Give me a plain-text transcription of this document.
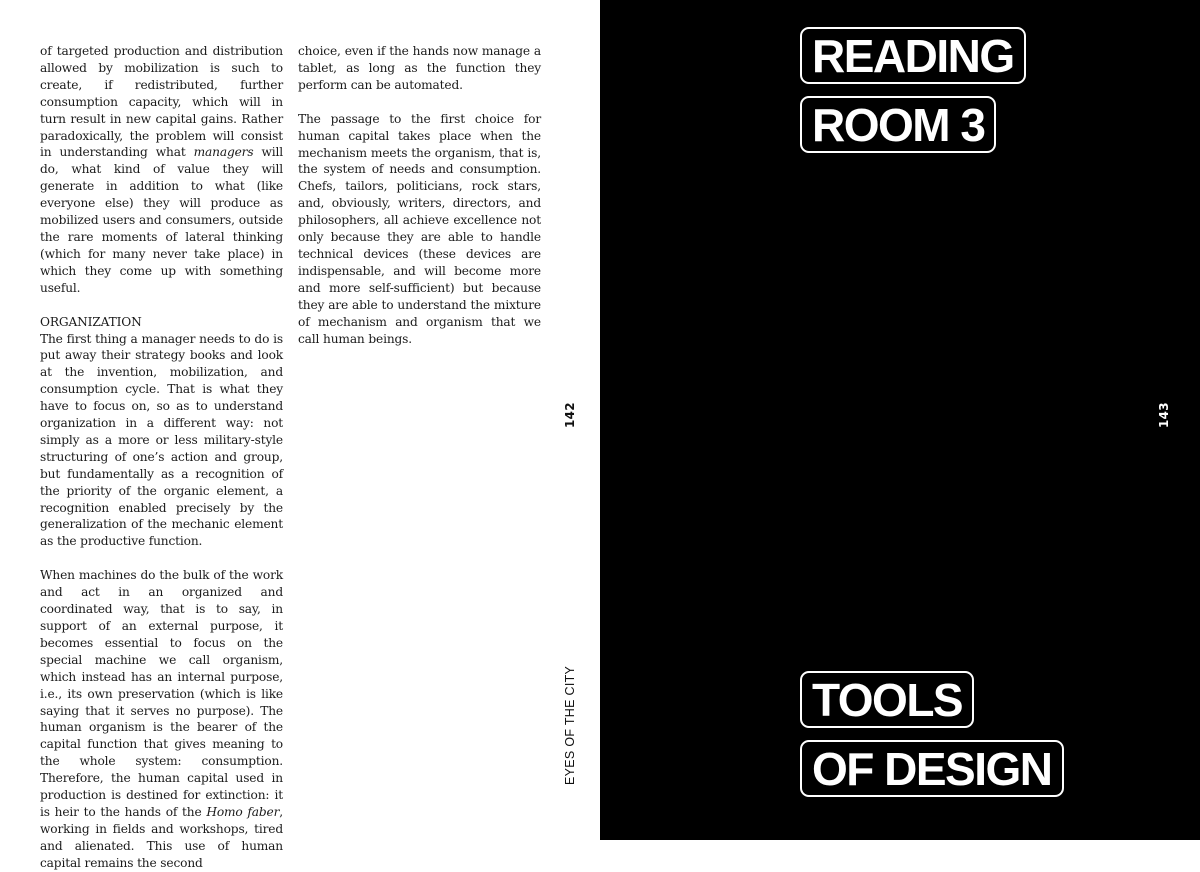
of targeted production and distribution allowed by mobilization is such to create, if redistributed, further consumption capacity, which will in turn result in new capital gains. Rather paradoxically, the problem will consist in understanding what managers will do, what kind of value they will generate in addition to what (like everyone else) they will produce as mobilized users and consumers, outside the rare moments of lateral thinking (which for many never take place) in which they come up with something useful.

ORGANIZATION

The first thing a manager needs to do is put away their strategy books and look at the invention, mobilization, and consumption cycle. That is what they have to focus on, so as to understand organization in a different way: not simply as a more or less military-style structuring of one’s action and group, but fundamentally as a recognition of the priority of the organic element, a recognition enabled precisely by the generalization of the mechanic element as the productive function.

When machines do the bulk of the work and act in an organized and coordinated way, that is to say, in support of an external purpose, it becomes essential to focus on the special machine we call organism, which instead has an internal purpose, i.e., its own preservation (which is like saying that it serves no purpose). The human organism is the bearer of the capital function that gives meaning to the whole system: consumption. Therefore, the human capital used in production is destined for extinction: it is heir to the hands of the Homo faber, working in fields and workshops, tired and alienated. This use of human capital remains the second

choice, even if the hands now manage a tablet, as long as the function they perform can be automated.

The passage to the first choice for human capital takes place when the mechanism meets the organism, that is, the system of needs and consumption. Chefs, tailors, politicians, rock stars, and, obviously, writers, directors, and philosophers, all achieve excellence not only because they are able to handle technical devices (these devices are indispensable, and will become more and more self-sufficient) but because they are able to understand the mixture of mechanism and organism that we call human beings.

142
EYES OF THE CITY
READING
ROOM 3
TOOLS
OF DESIGN
143
